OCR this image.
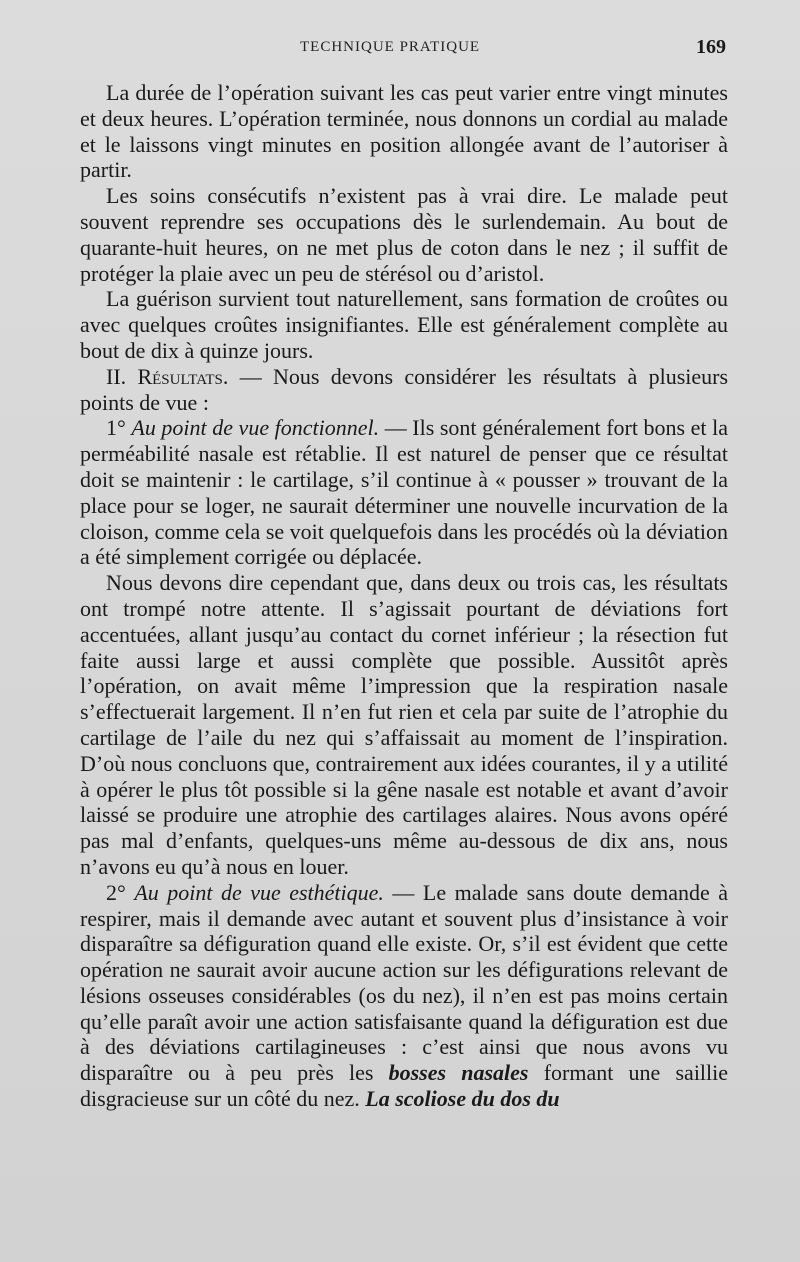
TECHNIQUE PRATIQUE	169

La durée de l’opération suivant les cas peut varier entre vingt minutes et deux heures. L’opération terminée, nous donnons un cordial au malade et le laissons vingt minutes en position allongée avant de l’autoriser à partir.

Les soins consécutifs n’existent pas à vrai dire. Le malade peut souvent reprendre ses occupations dès le surlendemain. Au bout de quarante-huit heures, on ne met plus de coton dans le nez ; il suffit de protéger la plaie avec un peu de stérésol ou d’aristol.

La guérison survient tout naturellement, sans formation de croûtes ou avec quelques croûtes insignifiantes. Elle est généralement complète au bout de dix à quinze jours.

II. Résultats. — Nous devons considérer les résultats à plusieurs points de vue :

1° Au point de vue fonctionnel. — Ils sont généralement fort bons et la perméabilité nasale est rétablie. Il est naturel de penser que ce résultat doit se maintenir : le cartilage, s’il continue à « pousser » trouvant de la place pour se loger, ne saurait déterminer une nouvelle incurvation de la cloison, comme cela se voit quelquefois dans les procédés où la déviation a été simplement corrigée ou déplacée.

Nous devons dire cependant que, dans deux ou trois cas, les résultats ont trompé notre attente. Il s’agissait pourtant de déviations fort accentuées, allant jusqu’au contact du cornet inférieur ; la résection fut faite aussi large et aussi complète que possible. Aussitôt après l’opération, on avait même l’impression que la respiration nasale s’effectuerait largement. Il n’en fut rien et cela par suite de l’atrophie du cartilage de l’aile du nez qui s’affaissait au moment de l’inspiration. D’où nous concluons que, contrairement aux idées courantes, il y a utilité à opérer le plus tôt possible si la gêne nasale est notable et avant d’avoir laissé se produire une atrophie des cartilages alaires. Nous avons opéré pas mal d’enfants, quelques-uns même au-dessous de dix ans, nous n’avons eu qu’à nous en louer.

2° Au point de vue esthétique. — Le malade sans doute demande à respirer, mais il demande avec autant et souvent plus d’insistance à voir disparaître sa défiguration quand elle existe. Or, s’il est évident que cette opération ne saurait avoir aucune action sur les défigurations relevant de lésions osseuses considérables (os du nez), il n’en est pas moins certain qu’elle paraît avoir une action satisfaisante quand la défiguration est due à des déviations cartilagineuses : c’est ainsi que nous avons vu disparaître ou à peu près les bosses nasales formant une saillie disgracieuse sur un côté du nez. La scoliose du dos du
